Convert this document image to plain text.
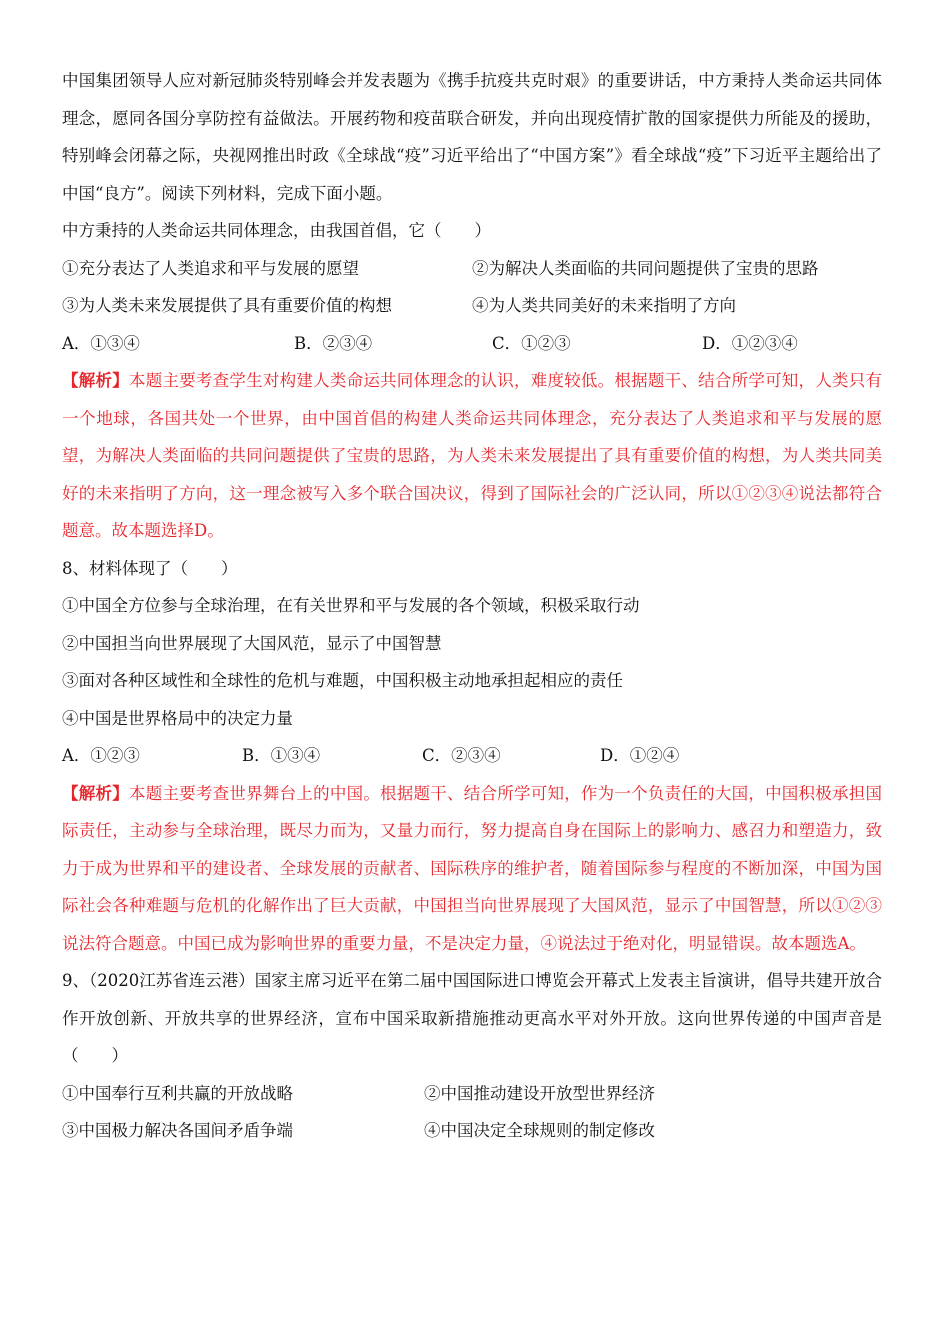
中国集团领导人应对新冠肺炎特别峰会并发表题为《携手抗疫共克时艰》的重要讲话，中方秉持人类命运共同体理念，愿同各国分享防控有益做法。开展药物和疫苗联合研发，并向出现疫情扩散的国家提供力所能及的援助，特别峰会闭幕之际，央视网推出时政《全球战“疫”习近平给出了“中国方案”》看全球战“疫”下习近平主题给出了中国“良方”。阅读下列材料，完成下面小题。

中方秉持的人类命运共同体理念，由我国首倡，它（　　）
①充分表达了人类追求和平与发展的愿望	②为解决人类面临的共同问题提供了宝贵的思路
③为人类未来发展提供了具有重要价值的构想	④为人类共同美好的未来指明了方向
A．①③④	B．②③④	C．①②③	D．①②③④

【解析】本题主要考查学生对构建人类命运共同体理念的认识，难度较低。根据题干、结合所学可知，人类只有一个地球，各国共处一个世界，由中国首倡的构建人类命运共同体理念，充分表达了人类追求和平与发展的愿望，为解决人类面临的共同问题提供了宝贵的思路，为人类未来发展提出了具有重要价值的构想，为人类共同美好的未来指明了方向，这一理念被写入多个联合国决议，得到了国际社会的广泛认同，所以①②③④说法都符合题意。故本题选择D。

8、材料体现了（　　）
①中国全方位参与全球治理，在有关世界和平与发展的各个领域，积极采取行动
②中国担当向世界展现了大国风范，显示了中国智慧
③面对各种区域性和全球性的危机与难题，中国积极主动地承担起相应的责任
④中国是世界格局中的决定力量
A．①②③	B．①③④	C．②③④	D．①②④

【解析】本题主要考查世界舞台上的中国。根据题干、结合所学可知，作为一个负责任的大国，中国积极承担国际责任，主动参与全球治理，既尽力而为，又量力而行，努力提高自身在国际上的影响力、感召力和塑造力，致力于成为世界和平的建设者、全球发展的贡献者、国际秩序的维护者，随着国际参与程度的不断加深，中国为国际社会各种难题与危机的化解作出了巨大贡献，中国担当向世界展现了大国风范，显示了中国智慧，所以①②③说法符合题意。中国已成为影响世界的重要力量，不是决定力量，④说法过于绝对化，明显错误。故本题选A。

9、（2020江苏省连云港）国家主席习近平在第二届中国国际进口博览会开幕式上发表主旨演讲，倡导共建开放合作开放创新、开放共享的世界经济，宣布中国采取新措施推动更高水平对外开放。这向世界传递的中国声音是（　　）

①中国奉行互利共赢的开放战略	②中国推动建设开放型世界经济
③中国极力解决各国间矛盾争端	④中国决定全球规则的制定修改
